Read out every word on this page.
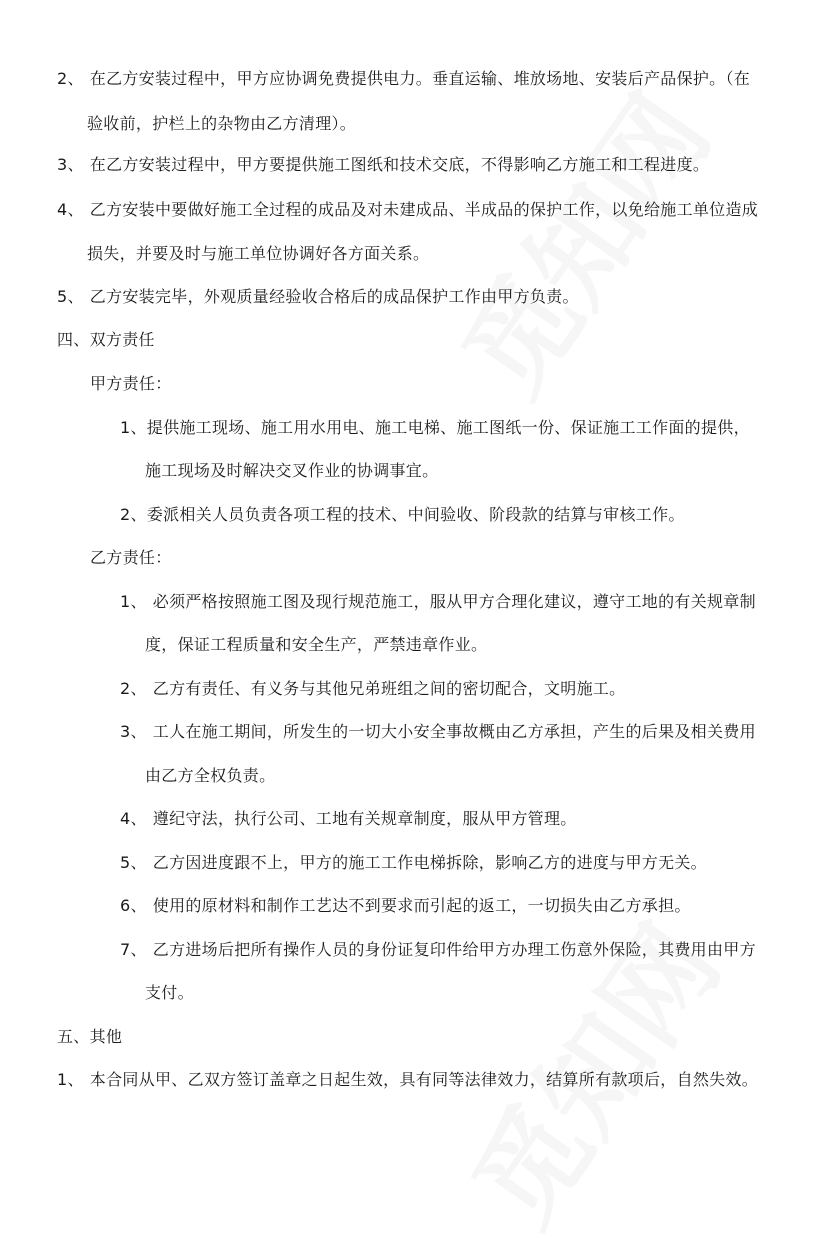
2、 在乙方安装过程中，甲方应协调免费提供电力。垂直运输、堆放场地、安装后产品保护。（在
验收前，护栏上的杂物由乙方清理）。
3、 在乙方安装过程中，甲方要提供施工图纸和技术交底，不得影响乙方施工和工程进度。
4、 乙方安装中要做好施工全过程的成品及对未建成品、半成品的保护工作，以免给施工单位造成
损失，并要及时与施工单位协调好各方面关系。
5、 乙方安装完毕，外观质量经验收合格后的成品保护工作由甲方负责。
四、双方责任
甲方责任：
1、提供施工现场、施工用水用电、施工电梯、施工图纸一份、保证施工工作面的提供，
施工现场及时解决交叉作业的协调事宜。
2、委派相关人员负责各项工程的技术、中间验收、阶段款的结算与审核工作。
乙方责任：
1、 必须严格按照施工图及现行规范施工，服从甲方合理化建议，遵守工地的有关规章制
度，保证工程质量和安全生产，严禁违章作业。
2、 乙方有责任、有义务与其他兄弟班组之间的密切配合，文明施工。
3、 工人在施工期间，所发生的一切大小安全事故概由乙方承担，产生的后果及相关费用
由乙方全权负责。
4、 遵纪守法，执行公司、工地有关规章制度，服从甲方管理。
5、 乙方因进度跟不上，甲方的施工工作电梯拆除，影响乙方的进度与甲方无关。
6、 使用的原材料和制作工艺达不到要求而引起的返工，一切损失由乙方承担。
7、 乙方进场后把所有操作人员的身份证复印件给甲方办理工伤意外保险，其费用由甲方
支付。
五、其他
1、 本合同从甲、乙双方签订盖章之日起生效，具有同等法律效力，结算所有款项后，自然失效。
